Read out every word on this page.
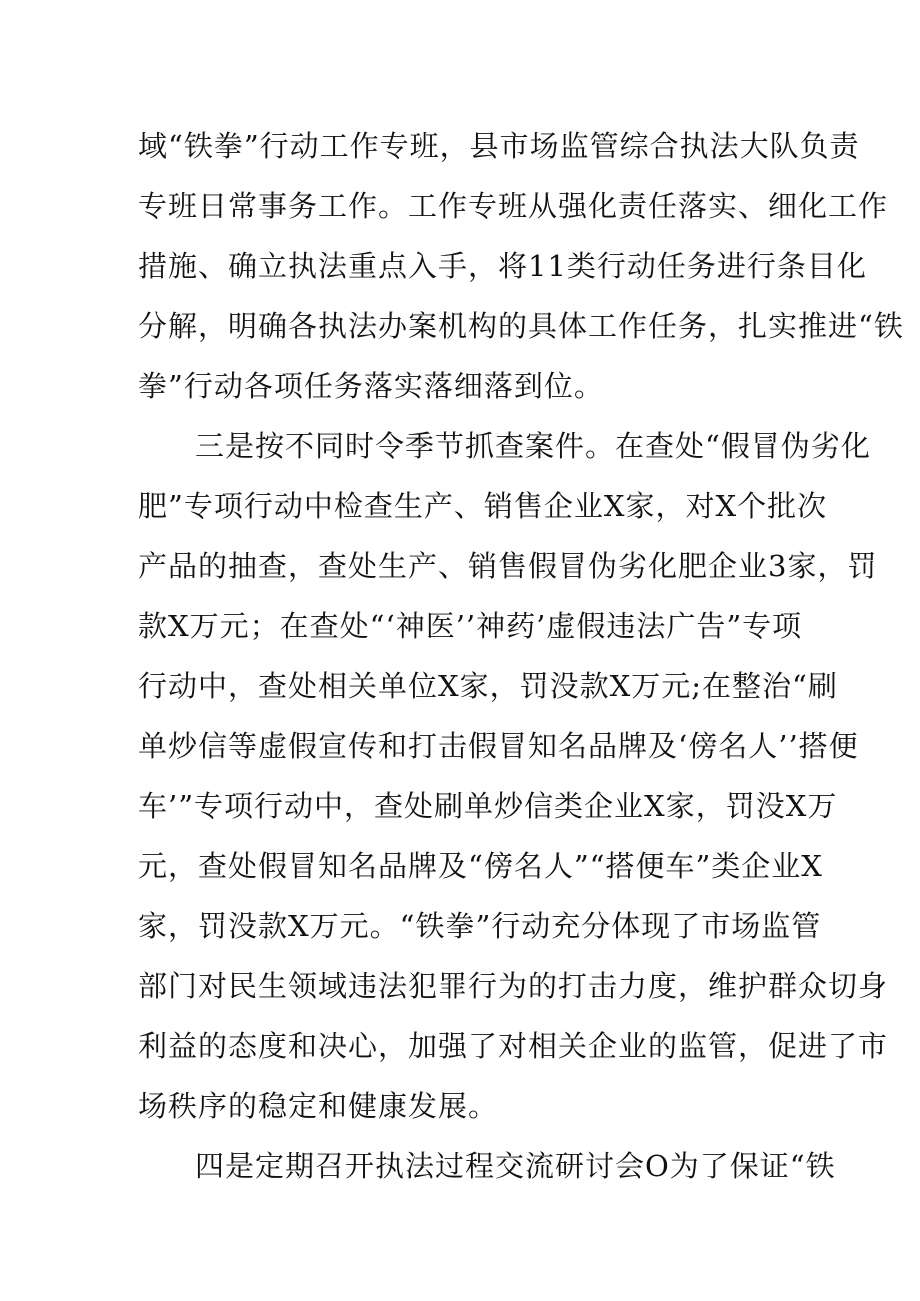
域“铁拳”行动工作专班，县市场监管综合执法大队负责
专班日常事务工作。工作专班从强化责任落实、细化工作
措施、确立执法重点入手，将11类行动任务进行条目化
分解，明确各执法办案机构的具体工作任务，扎实推进“铁
拳”行动各项任务落实落细落到位。
三是按不同时令季节抓查案件。在查处“假冒伪劣化
肥”专项行动中检查生产、销售企业X家，对X个批次
产品的抽查，查处生产、销售假冒伪劣化肥企业3家，罚
款X万元；在查处“‘神医’’神药’虚假违法广告”专项
行动中，查处相关单位X家，罚没款X万元;在整治“刷
单炒信等虚假宣传和打击假冒知名品牌及‘傍名人’’搭便
车’”专项行动中，查处刷单炒信类企业X家，罚没X万
元，查处假冒知名品牌及“傍名人”“搭便车”类企业X
家，罚没款X万元。“铁拳”行动充分体现了市场监管
部门对民生领域违法犯罪行为的打击力度，维护群众切身
利益的态度和决心，加强了对相关企业的监管，促进了市
场秩序的稳定和健康发展。
四是定期召开执法过程交流研讨会O为了保证“铁
